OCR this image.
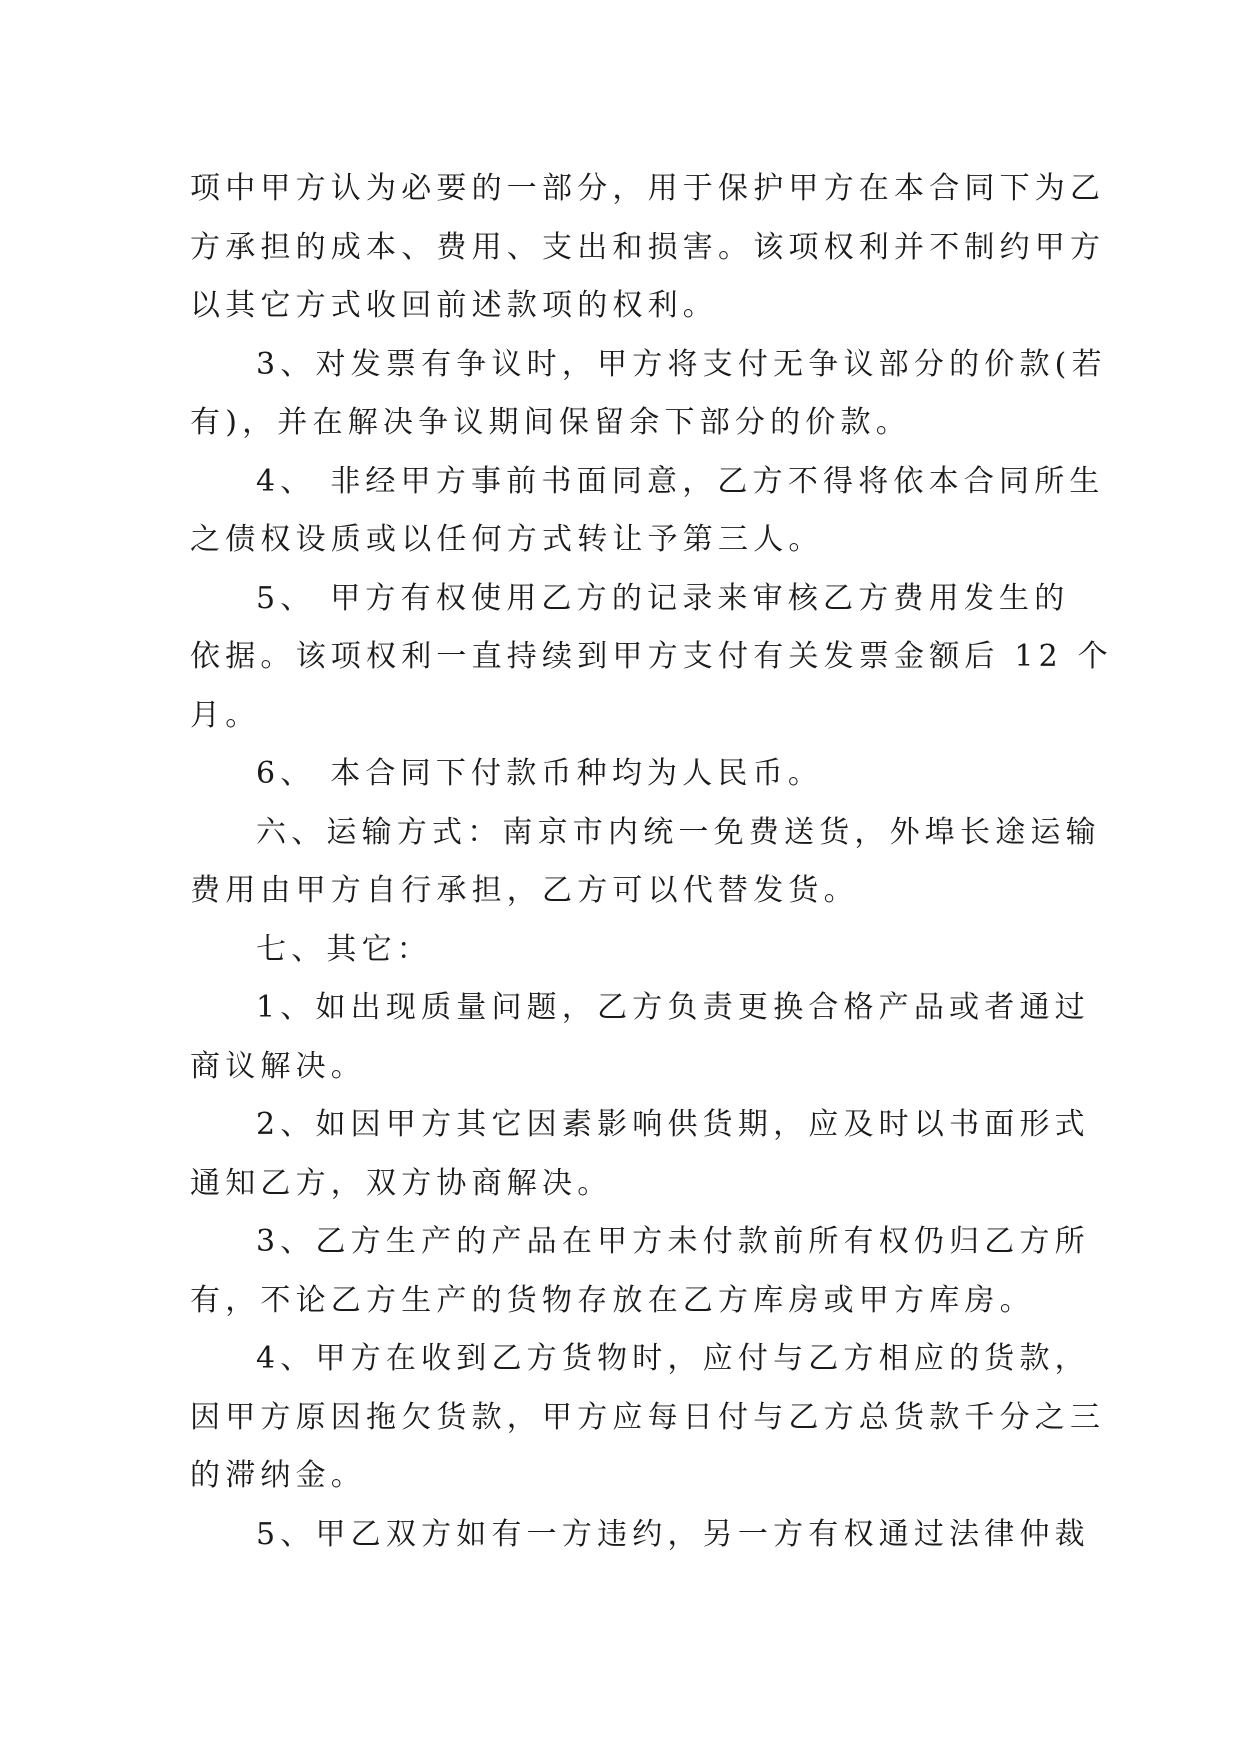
项中甲方认为必要的一部分，用于保护甲方在本合同下为乙
方承担的成本、费用、支出和损害。该项权利并不制约甲方
以其它方式收回前述款项的权利。

3、对发票有争议时，甲方将支付无争议部分的价款(若
有)，并在解决争议期间保留余下部分的价款。

4、 非经甲方事前书面同意，乙方不得将依本合同所生
之债权设质或以任何方式转让予第三人。

5、 甲方有权使用乙方的记录来审核乙方费用发生的
依据。该项权利一直持续到甲方支付有关发票金额后 12 个
月。

6、 本合同下付款币种均为人民币。

六、运输方式：南京市内统一免费送货，外埠长途运输
费用由甲方自行承担，乙方可以代替发货。

七、其它：

1、如出现质量问题，乙方负责更换合格产品或者通过
商议解决。

2、如因甲方其它因素影响供货期，应及时以书面形式
通知乙方，双方协商解决。

3、乙方生产的产品在甲方未付款前所有权仍归乙方所
有，不论乙方生产的货物存放在乙方库房或甲方库房。

4、甲方在收到乙方货物时，应付与乙方相应的货款，
因甲方原因拖欠货款，甲方应每日付与乙方总货款千分之三
的滞纳金。

5、甲乙双方如有一方违约，另一方有权通过法律仲裁
